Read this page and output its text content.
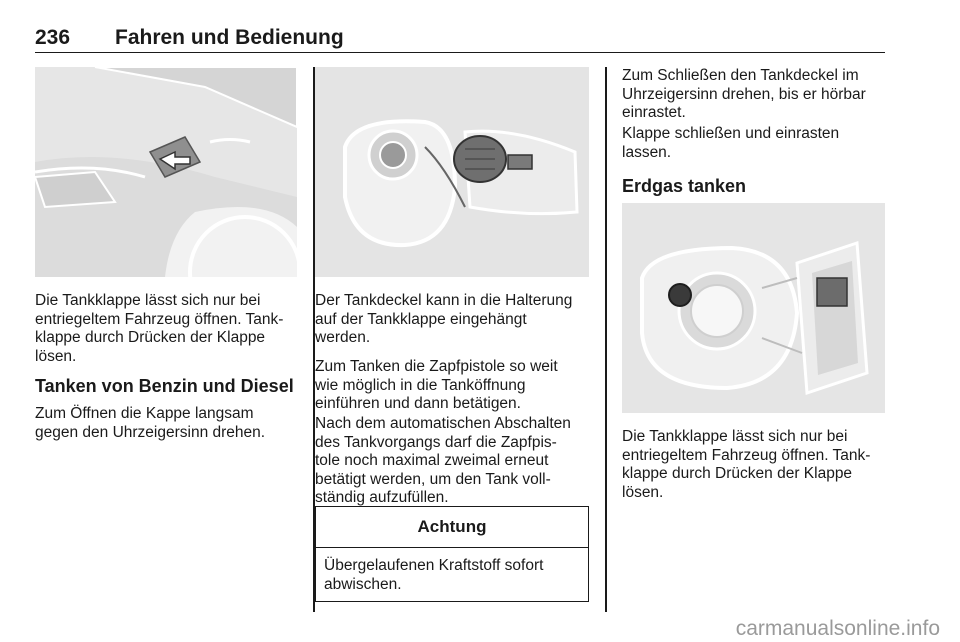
236 Fahren und Bedienung

Die Tankklappe lässt sich nur bei
entriegeltem Fahrzeug öffnen. Tank-
klappe durch Drücken der Klappe
lösen.

Tanken von Benzin und Diesel

Zum Öffnen die Kappe langsam
gegen den Uhrzeigersinn drehen.

Der Tankdeckel kann in die Halterung
auf der Tankklappe eingehängt
werden.

Zum Tanken die Zapfpistole so weit
wie möglich in die Tanköffnung
einführen und dann betätigen.

Nach dem automatischen Abschalten
des Tankvorgangs darf die Zapfpis-
tole noch maximal zweimal erneut
betätigt werden, um den Tank voll-
ständig aufzufüllen.

Achtung
Übergelaufenen Kraftstoff sofort
abwischen.

Zum Schließen den Tankdeckel im
Uhrzeigersinn drehen, bis er hörbar
einrastet.

Klappe schließen und einrasten
lassen.

Erdgas tanken

Die Tankklappe lässt sich nur bei
entriegeltem Fahrzeug öffnen. Tank-
klappe durch Drücken der Klappe
lösen.

carmanualsonline.info
